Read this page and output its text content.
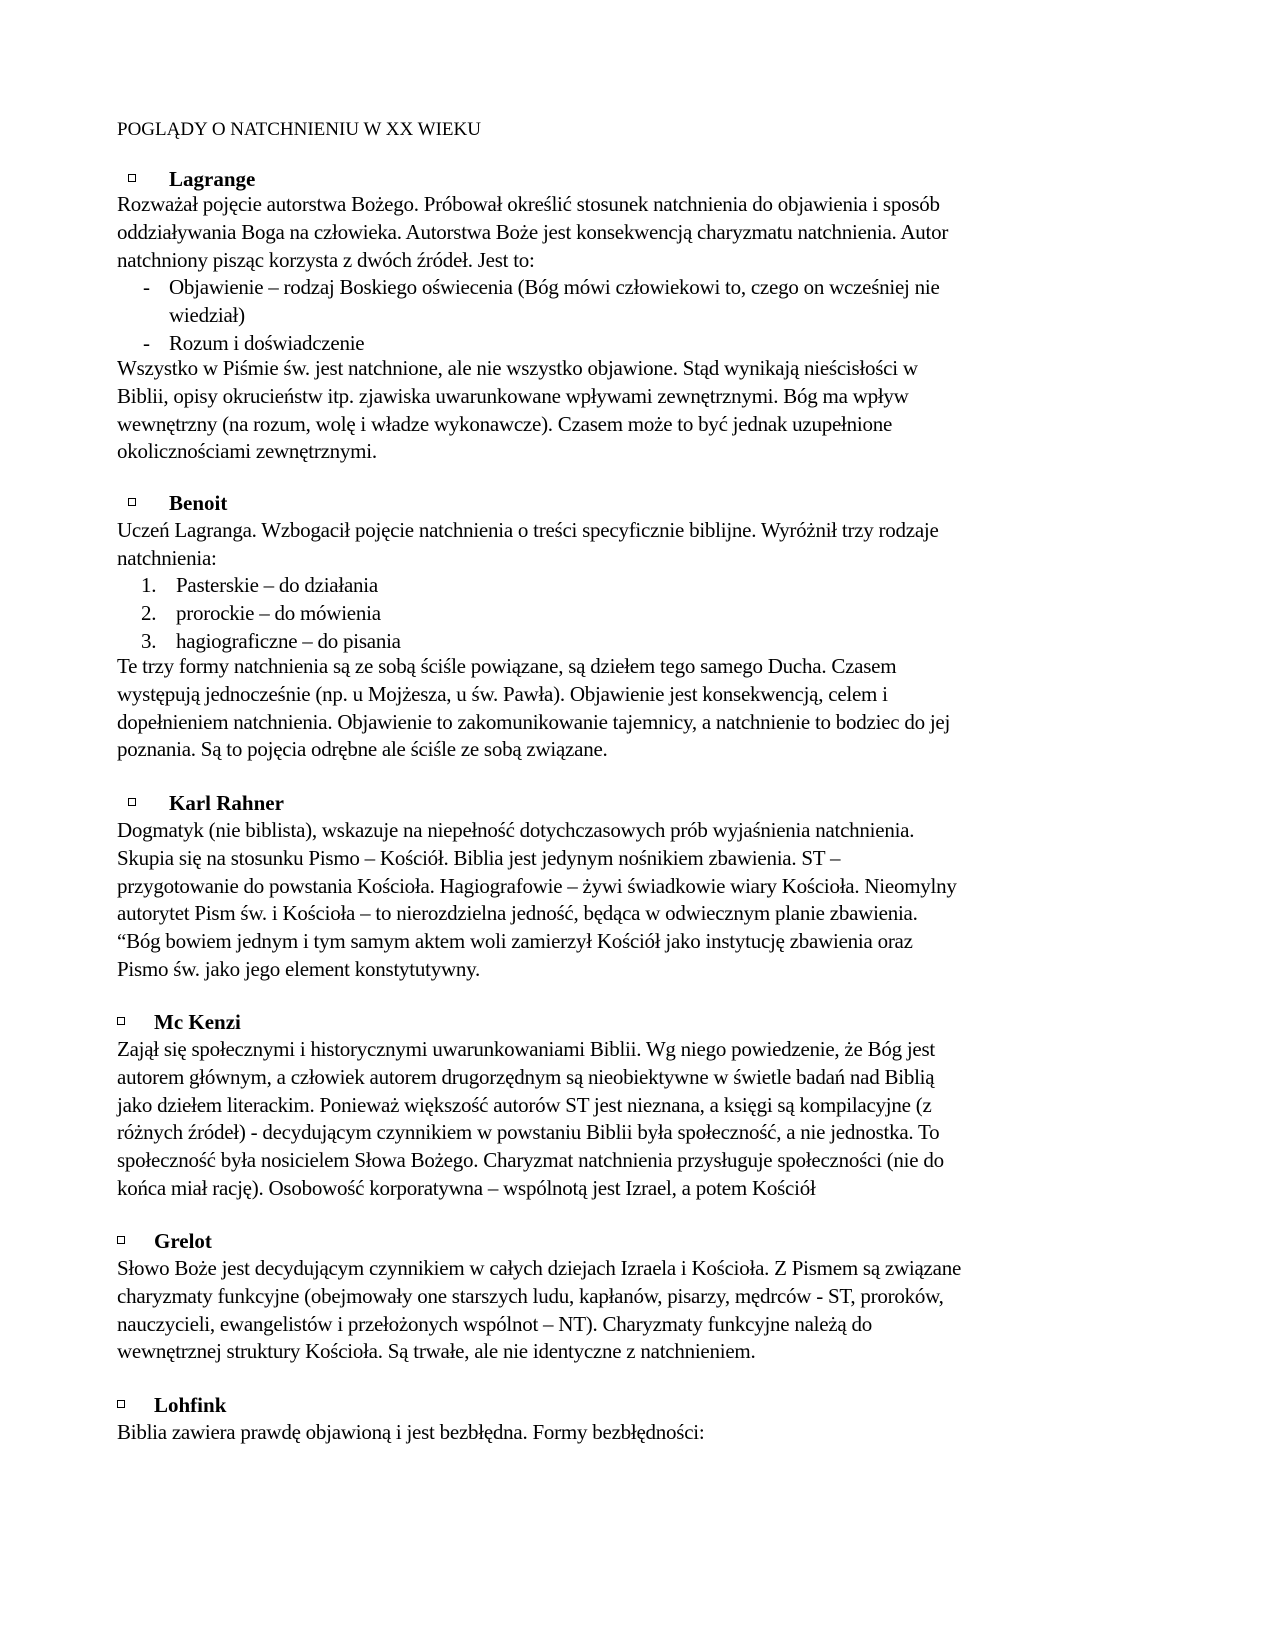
POGLĄDY O NATCHNIENIU W XX WIEKU
Lagrange
Rozważał pojęcie autorstwa Bożego. Próbował określić stosunek natchnienia do objawienia i sposób
oddziaływania Boga na człowieka. Autorstwa Boże jest konsekwencją charyzmatu natchnienia. Autor
natchniony pisząc korzysta z dwóch źródeł. Jest to:
- Objawienie – rodzaj Boskiego oświecenia (Bóg mówi człowiekowi to, czego on wcześniej nie
wiedział)
- Rozum i doświadczenie
Wszystko w Piśmie św. jest natchnione, ale nie wszystko objawione. Stąd wynikają nieścisłości w
Biblii, opisy okrucieństw itp. zjawiska uwarunkowane wpływami zewnętrznymi. Bóg ma wpływ
wewnętrzny (na rozum, wolę i władze wykonawcze). Czasem może to być jednak uzupełnione
okolicznościami zewnętrznymi.
Benoit
Uczeń Lagranga. Wzbogacił pojęcie natchnienia o treści specyficznie biblijne. Wyróżnił trzy rodzaje
natchnienia:
1. Pasterskie – do działania
2. prorockie – do mówienia
3. hagiograficzne – do pisania
Te trzy formy natchnienia są ze sobą ściśle powiązane, są dziełem tego samego Ducha. Czasem
występują jednocześnie (np. u Mojżesza, u św. Pawła). Objawienie jest konsekwencją, celem i
dopełnieniem natchnienia. Objawienie to zakomunikowanie tajemnicy, a natchnienie to bodziec do jej
poznania. Są to pojęcia odrębne ale ściśle ze sobą związane.
Karl Rahner
Dogmatyk (nie biblista), wskazuje na niepełność dotychczasowych prób wyjaśnienia natchnienia.
Skupia się na stosunku Pismo – Kościół. Biblia jest jedynym nośnikiem zbawienia. ST –
przygotowanie do powstania Kościoła. Hagiografowie – żywi świadkowie wiary Kościoła. Nieomylny
autorytet Pism św. i Kościoła – to nierozdzielna jedność, będąca w odwiecznym planie zbawienia.
“Bóg bowiem jednym i tym samym aktem woli zamierzył Kościół jako instytucję zbawienia oraz
Pismo św. jako jego element konstytutywny.
Mc Kenzi
Zajął się społecznymi i historycznymi uwarunkowaniami Biblii. Wg niego powiedzenie, że Bóg jest
autorem głównym, a człowiek autorem drugorzędnym są nieobiektywne w świetle badań nad Biblią
jako dziełem literackim. Ponieważ większość autorów ST jest nieznana, a księgi są kompilacyjne (z
różnych źródeł) - decydującym czynnikiem w powstaniu Biblii była społeczność, a nie jednostka. To
społeczność była nosicielem Słowa Bożego. Charyzmat natchnienia przysługuje społeczności (nie do
końca miał rację). Osobowość korporatywna – wspólnotą jest Izrael, a potem Kościół
Grelot
Słowo Boże jest decydującym czynnikiem w całych dziejach Izraela i Kościoła. Z Pismem są związane
charyzmaty funkcyjne (obejmowały one starszych ludu, kapłanów, pisarzy, mędrców - ST, proroków,
nauczycieli, ewangelistów i przełożonych wspólnot – NT). Charyzmaty funkcyjne należą do
wewnętrznej struktury Kościoła. Są trwałe, ale nie identyczne z natchnieniem.
Lohfink
Biblia zawiera prawdę objawioną i jest bezbłędna. Formy bezbłędności:
